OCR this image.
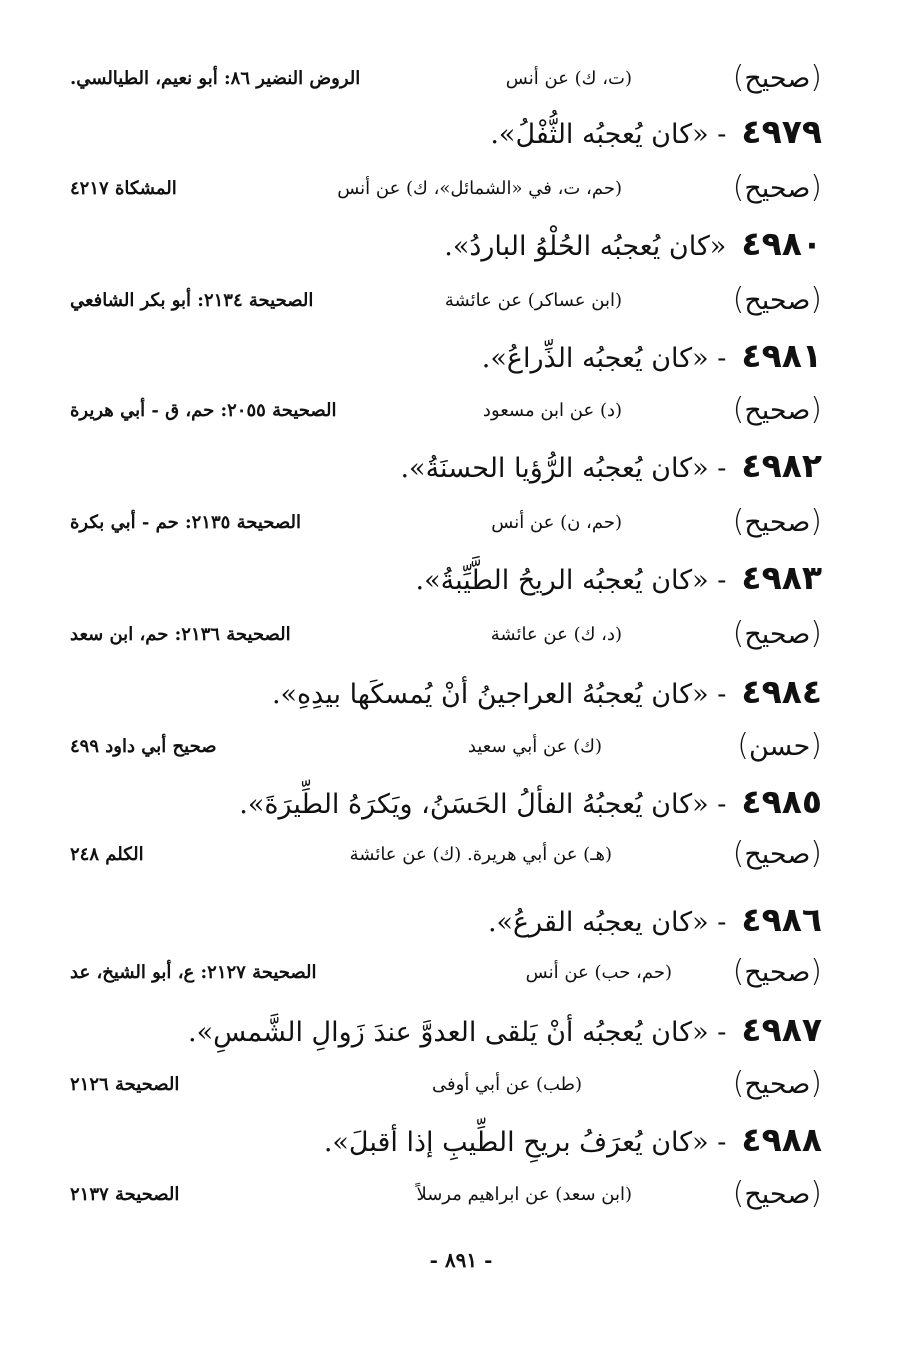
(صحيح)
(ت، ك) عن أنس
الروض النضير ٨٦: أبو نعيم، الطيالسي.
٤٩٧٩ - «كان يُعجبُه الثُّفْلُ».
(صحيح)
(حم، ت، في «الشمائل»، ك) عن أنس
المشكاة ٤٢١٧
٤٩٨٠ «كان يُعجبُه الحُلْوُ الباردُ».
(صحيح)
(ابن عساكر) عن عائشة
الصحيحة ٢١٣٤: أبو بكر الشافعي
٤٩٨١ - «كان يُعجبُه الذِّراعُ».
(صحيح)
(د) عن ابن مسعود
الصحيحة ٢٠٥٥: حم، ق - أبي هريرة
٤٩٨٢ - «كان يُعجبُه الرُّؤيا الحسنَةُ».
(صحيح)
(حم، ن) عن أنس
الصحيحة ٢١٣٥: حم - أبي بكرة
٤٩٨٣ - «كان يُعجبُه الريحُ الطَّيِّبةُ».
(صحيح)
(د، ك) عن عائشة
الصحيحة ٢١٣٦: حم، ابن سعد
٤٩٨٤ - «كان يُعجبُهُ العراجينُ أنْ يُمسكَها بيدِهِ».
(حسن)
(ك) عن أبي سعيد
صحيح أبي داود ٤٩٩
٤٩٨٥ - «كان يُعجبُهُ الفألُ الحَسَنُ، ويَكرَهُ الطِّيرَةَ».
(صحيح)
(هـ) عن أبي هريرة. (ك) عن عائشة
الكلم ٢٤٨
٤٩٨٦ - «كان يعجبُه القرعُ».
(صحيح)
(حم، حب) عن أنس
الصحيحة ٢١٢٧: ع، أبو الشيخ، عد
٤٩٨٧ - «كان يُعجبُه أنْ يَلقى العدوَّ عندَ زَوالِ الشَّمسِ».
(صحيح)
(طب) عن أبي أوفى
الصحيحة ٢١٢٦
٤٩٨٨ - «كان يُعرَفُ بريحِ الطِّيبِ إذا أقبلَ».
(صحيح)
(ابن سعد) عن ابراهيم مرسلاً
الصحيحة ٢١٣٧
- ٨٩١ -
